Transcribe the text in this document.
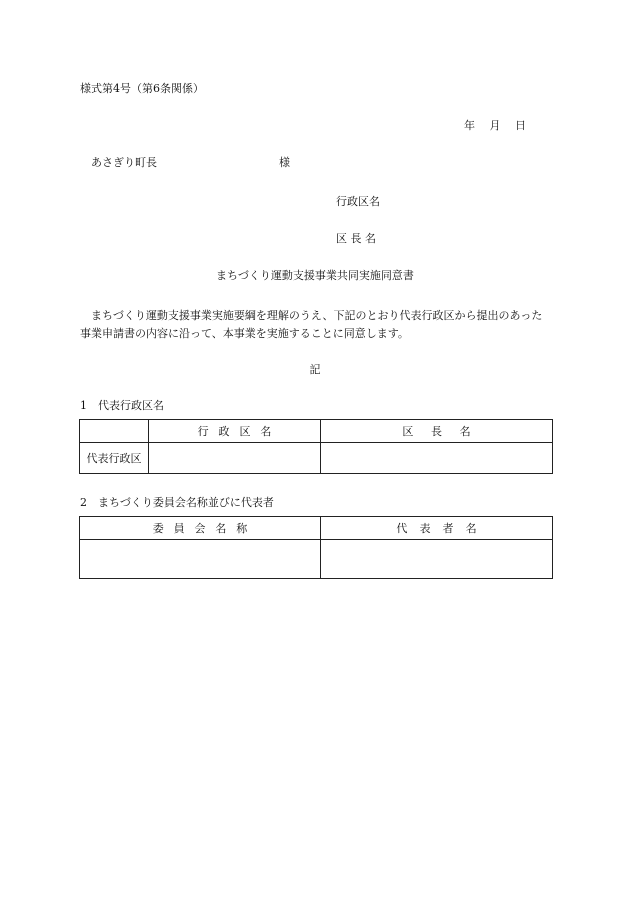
様式第4号（第6条関係）
年 月 日
あさぎり町長	様
行政区名
区 長 名
まちづくり運動支援事業共同実施同意書
まちづくり運動支援事業実施要綱を理解のうえ、下記のとおり代表行政区から提出のあった事業申請書の内容に沿って、本事業を実施することに同意します。
記
1　代表行政区名
	行政区名	区長名
代表行政区		
2　まちづくり委員会名称並びに代表者
委員会名称	代表者名
